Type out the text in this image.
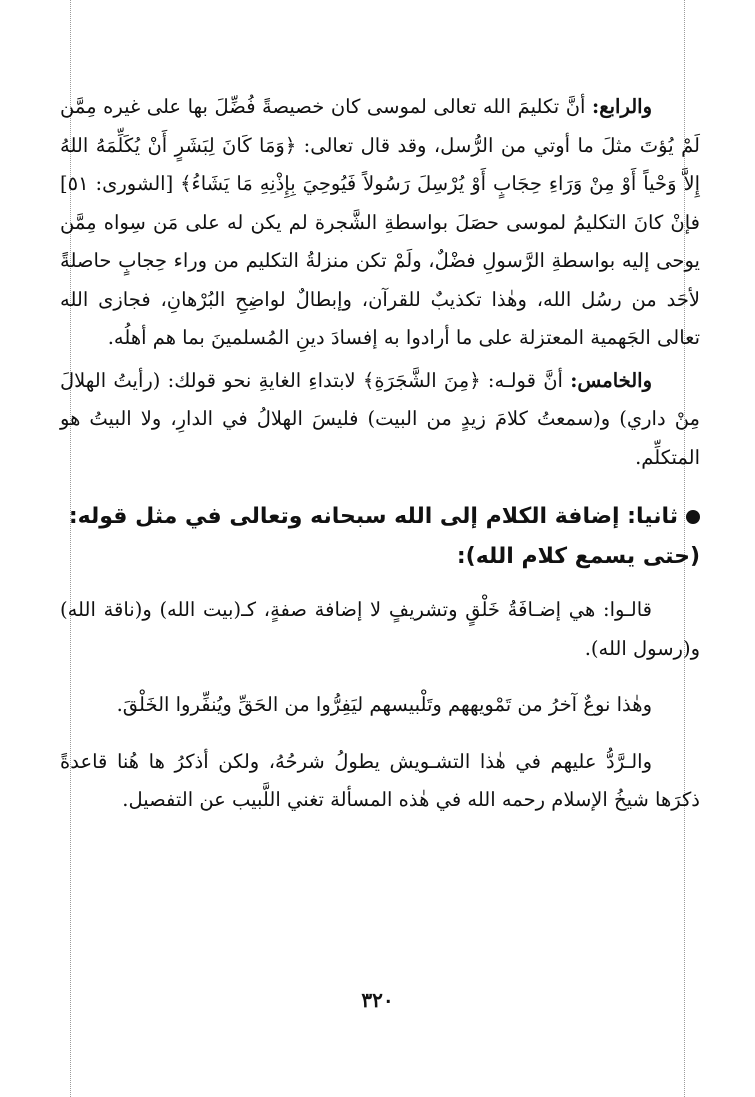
والرابع: أنَّ تكليمَ الله تعالى لموسى كان خصيصةً فُضِّلَ بها على غيره مِمَّن لَمْ يُؤتَ مثلَ ما أوتي من الرُّسل، وقد قال تعالى: ﴿وَمَا كَانَ لِبَشَرٍ أَنْ يُكَلِّمَهُ اللهُ إِلاَّ وَحْياً أَوْ مِنْ وَرَاءِ حِجَابٍ أَوْ يُرْسِلَ رَسُولاً فَيُوحِيَ بِإِذْنِهِ مَا يَشَاءُ﴾ [الشورى: ٥١] فإنْ كانَ التكليمُ لموسى حصَلَ بواسطةِ الشَّجرة لم يكن له على مَن سِواه مِمَّن يوحى إليه بواسطةِ الرَّسولِ فضْلٌ، ولَمْ تكن منزلةُ التكليم من وراء حِجابٍ حاصلةً لأحَد من رسُل الله، وهٰذا تكذيبٌ للقرآن، وإبطالٌ لواضِحِ البُرْهانِ، فجازى الله تعالى الجَهمية المعتزلة على ما أرادوا به إفسادَ دينِ المُسلمينَ بما هم أهلُه.

والخامس: أنَّ قولـه: ﴿مِنَ الشَّجَرَةِ﴾ لابتداءِ الغايةِ نحو قولك: (رأيتُ الهلالَ مِنْ داري) و(سمعتُ كلامَ زيدٍ من البيت) فليسَ الهلالُ في الدارِ، ولا البيتُ هو المتكلِّم.

ثانيا: إضافة الكلام إلى الله سبحانه وتعالى في مثل قوله:
(حتى يسمع كلام الله):

قالـوا: هي إضـافَةُ خَلْقٍ وتشريفٍ لا إضافة صفةٍ، كـ(بيت الله) و(ناقة الله) و(رسول الله).

وهٰذا نوعٌ آخرُ من تَمْويههم وتَلْبيسهم ليَفِرُّوا من الحَقِّ ويُنفِّروا الخَلْقَ.

والـرَّدُّ عليهم في هٰذا التشـويش يطولُ شرحُهُ، ولكن أذكرُ ها هُنا قاعدةً ذكرَها شيخُ الإسلام رحمه الله في هٰذه المسألة تغني اللَّبيب عن التفصيل.

٣٢٠
